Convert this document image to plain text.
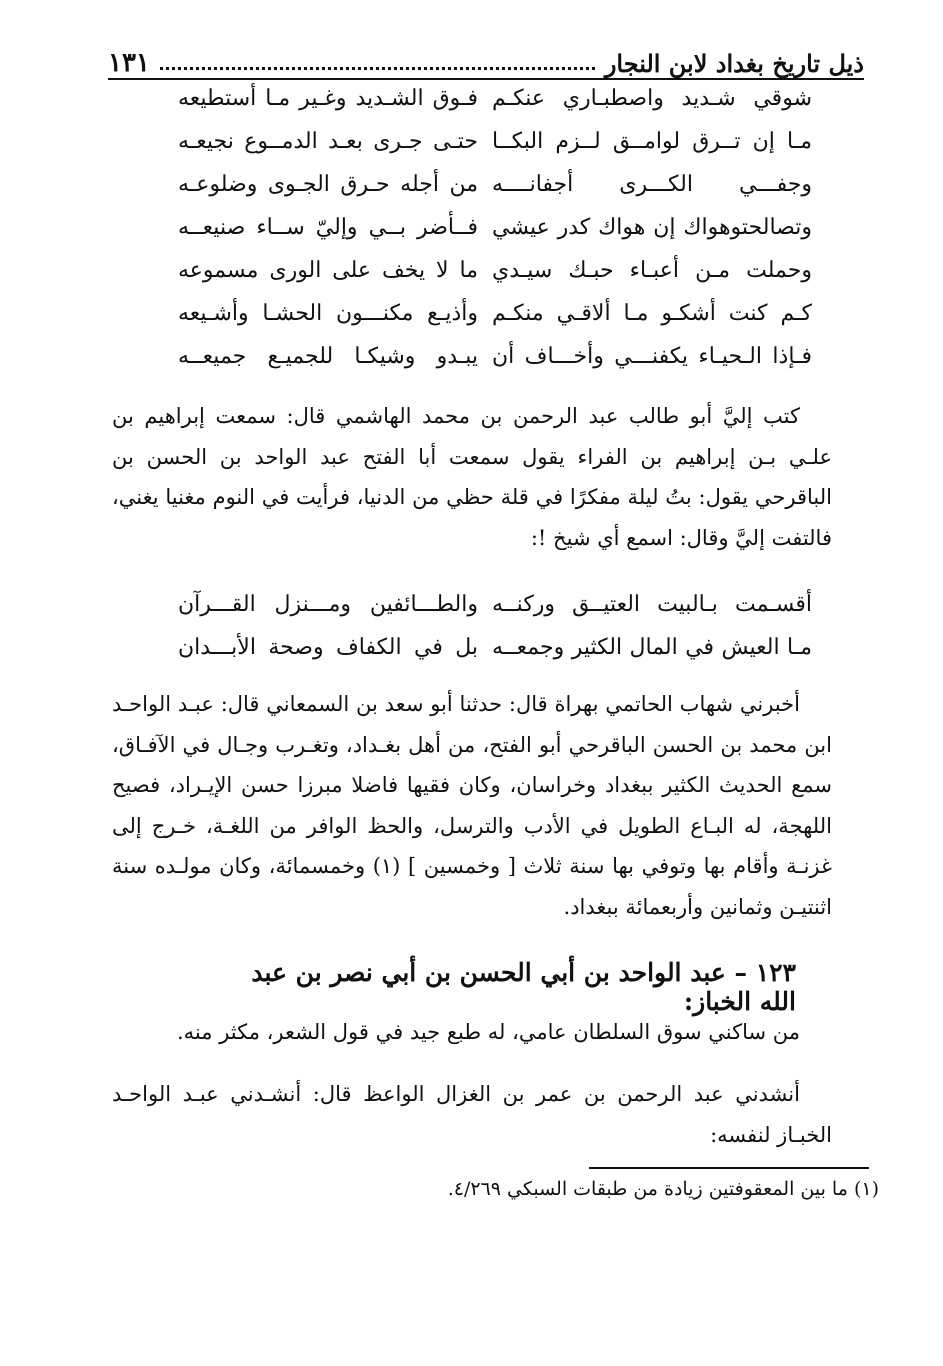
ذيل تاريخ بغداد لابن النجار
١٣١
شوقي شـديد واصطبـاري عنكـم
فـوق الشـديد وغـير مـا أستطيعه
مـا إن تــرق لوامــق لــزم البكــا
حتـى جـرى بعـد الدمــوع نجيعـه
وجفـــي الكـــرى أجفانــــه
من أجله حـرق الجـوى وضلوعـه
وتصالحتوهواك إن هواك كدر عيشي
فــأضر بــي وإليّ ســاء صنيعــه
وحملت مـن أعبـاء حبـك سيـدي
ما لا يخف على الورى مسموعه
كـم كنت أشكـو مـا ألاقـي منكـم
وأذيـع مكنـــون الحشـا وأشـيعه
فـإذا الـحيـاء يكفنـــي وأخـــاف أن
يبـدو وشيكـا للجميـع جميعــه
كتب إليَّ أبو طالب عبد الرحمن بن محمد الهاشمي قال: سمعت إبراهيم بن علـي بـن إبراهيم بن الفراء يقول سمعت أبا الفتح عبد الواحد بن الحسن بن الباقرحي يقول: بتُ ليلة مفكرًا في قلة حظي من الدنيا، فرأيت في النوم مغنيا يغني، فالتفت إليَّ وقال: اسمع أي شيخ !:
أقسـمت بـالبيت العتيــق وركنــه
والطـــائفين ومـــنزل القـــرآن
مـا العيش في المال الكثير وجمعــه
بل في الكفاف وصحة الأبـــدان
أخبرني شهاب الحاتمي بهراة قال: حدثنا أبو سعد بن السمعاني قال: عبـد الواحـد ابن محمد بن الحسن الباقرحي أبو الفتح، من أهل بغـداد، وتغـرب وجـال في الآفـاق، سمع الحديث الكثير ببغداد وخراسان، وكان فقيها فاضلا مبرزا حسن الإيـراد، فصيح اللهجة، له البـاع الطويل في الأدب والترسل، والحظ الوافر من اللغـة، خـرج إلى غزنـة وأقام بها وتوفي بها سنة ثلاث [ وخمسين ] (١) وخمسمائة، وكان مولـده سنة اثنتيـن وثمانين وأربعمائة ببغداد.
١٢٣ – عبد الواحد بن أبي الحسن بن أبي نصر بن عبد الله الخباز:
من ساكني سوق السلطان عامي، له طبع جيد في قول الشعر، مكثر منه.
أنشدني عبد الرحمن بن عمر بن الغزال الواعظ قال: أنشـدني عبـد الواحـد الخبـاز لنفسه:
(١) ما بين المعقوفتين زيادة من طبقات السبكي ٤/٢٦٩.
